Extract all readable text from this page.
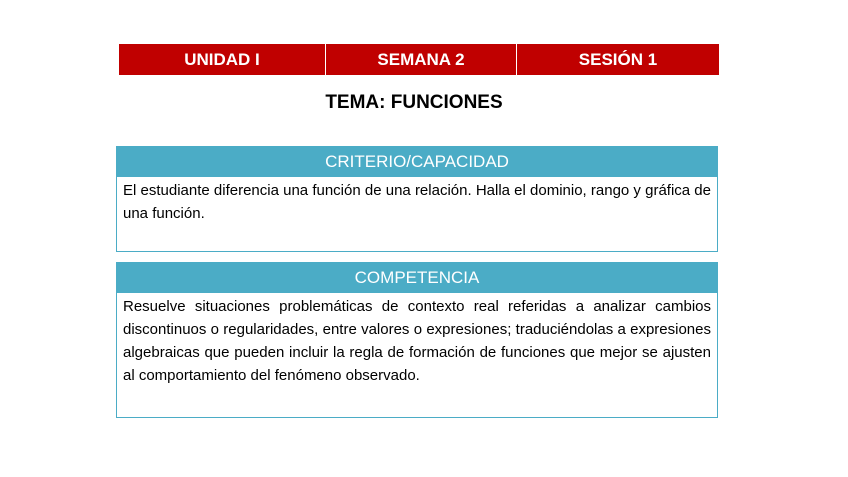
UNIDAD I	SEMANA 2	SESIÓN 1
TEMA: FUNCIONES
CRITERIO/CAPACIDAD
El estudiante diferencia una función de una relación. Halla el dominio, rango y gráfica de una función.
COMPETENCIA
Resuelve situaciones problemáticas de contexto real referidas a analizar cambios discontinuos o regularidades, entre valores o expresiones; traduciéndolas a expresiones algebraicas que pueden incluir la regla de formación de funciones que mejor se ajusten al comportamiento del fenómeno observado.
